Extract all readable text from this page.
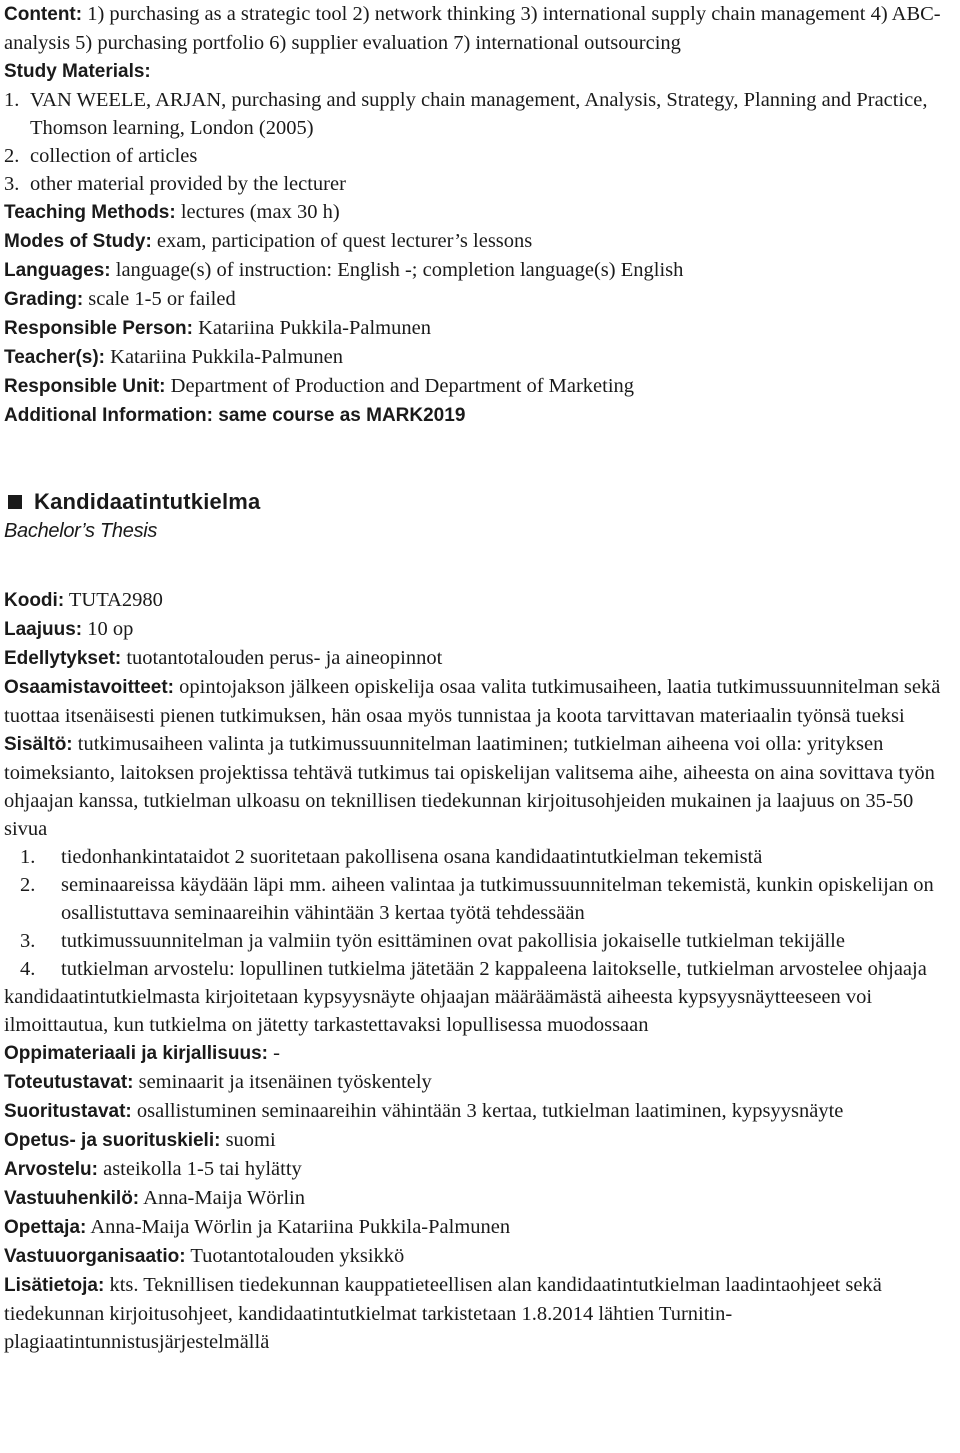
Content: 1) purchasing as a strategic tool 2) network thinking 3) international supply chain management 4) ABC-analysis 5) purchasing portfolio 6) supplier evaluation 7) international outsourcing

Study Materials:

1. VAN WEELE, ARJAN, purchasing and supply chain management, Analysis, Strategy, Planning and Practice, Thomson learning, London (2005)
2. collection of articles
3. other material provided by the lecturer

Teaching Methods: lectures (max 30 h)

Modes of Study: exam, participation of quest lecturer’s lessons

Languages: language(s) of instruction: English -; completion language(s) English

Grading: scale 1-5 or failed

Responsible Person: Katariina Pukkila-Palmunen

Teacher(s): Katariina Pukkila-Palmunen

Responsible Unit: Department of Production and Department of Marketing

Additional Information: same course as MARK2019

Kandidaatintutkielma

Bachelor’s Thesis

Koodi: TUTA2980

Laajuus: 10 op

Edellytykset: tuotantotalouden perus- ja aineopinnot

Osaamistavoitteet: opintojakson jälkeen opiskelija osaa valita tutkimusaiheen, laatia tutkimussuunnitelman sekä tuottaa itsenäisesti pienen tutkimuksen, hän osaa myös tunnistaa ja koota tarvittavan materiaalin työnsä tueksi

Sisältö: tutkimusaiheen valinta ja tutkimussuunnitelman laatiminen; tutkielman aiheena voi olla: yrityksen toimeksianto, laitoksen projektissa tehtävä tutkimus tai opiskelijan valitsema aihe, aiheesta on aina sovittava työn ohjaajan kanssa, tutkielman ulkoasu on teknillisen tiedekunnan kirjoitusohjeiden mukainen ja laajuus on 35-50 sivua

1.	tiedonhankintataidot 2 suoritetaan pakollisena osana kandidaatintutkielman tekemistä
2.	seminaareissa käydään läpi mm. aiheen valintaa ja tutkimussuunnitelman tekemistä, kunkin opiskelijan on osallistuttava seminaareihin vähintään 3 kertaa työtä tehdessään
3.	tutkimussuunnitelman ja valmiin työn esittäminen ovat pakollisia jokaiselle tutkielman tekijälle
4.	tutkielman arvostelu: lopullinen tutkielma jätetään 2 kappaleena laitokselle, tutkielman arvostelee ohjaaja

kandidaatintutkielmasta kirjoitetaan kypsyysnäyte ohjaajan määräämästä aiheesta kypsyysnäytteeseen voi ilmoittautua, kun tutkielma on jätetty tarkastettavaksi lopullisessa muodossaan

Oppimateriaali ja kirjallisuus: -

Toteutustavat: seminaarit ja itsenäinen työskentely

Suoritustavat: osallistuminen seminaareihin vähintään 3 kertaa, tutkielman laatiminen, kypsyysnäyte

Opetus- ja suorituskieli: suomi

Arvostelu: asteikolla 1-5 tai hylätty

Vastuuhenkilö: Anna-Maija Wörlin

Opettaja: Anna-Maija Wörlin ja Katariina Pukkila-Palmunen

Vastuuorganisaatio: Tuotantotalouden yksikkö

Lisätietoja: kts. Teknillisen tiedekunnan kauppatieteellisen alan kandidaatintutkielman laadintaohjeet sekä tiedekunnan kirjoitusohjeet, kandidaatintutkielmat tarkistetaan 1.8.2014 lähtien Turnitin-plagiaatintunnistusjärjestelmällä
